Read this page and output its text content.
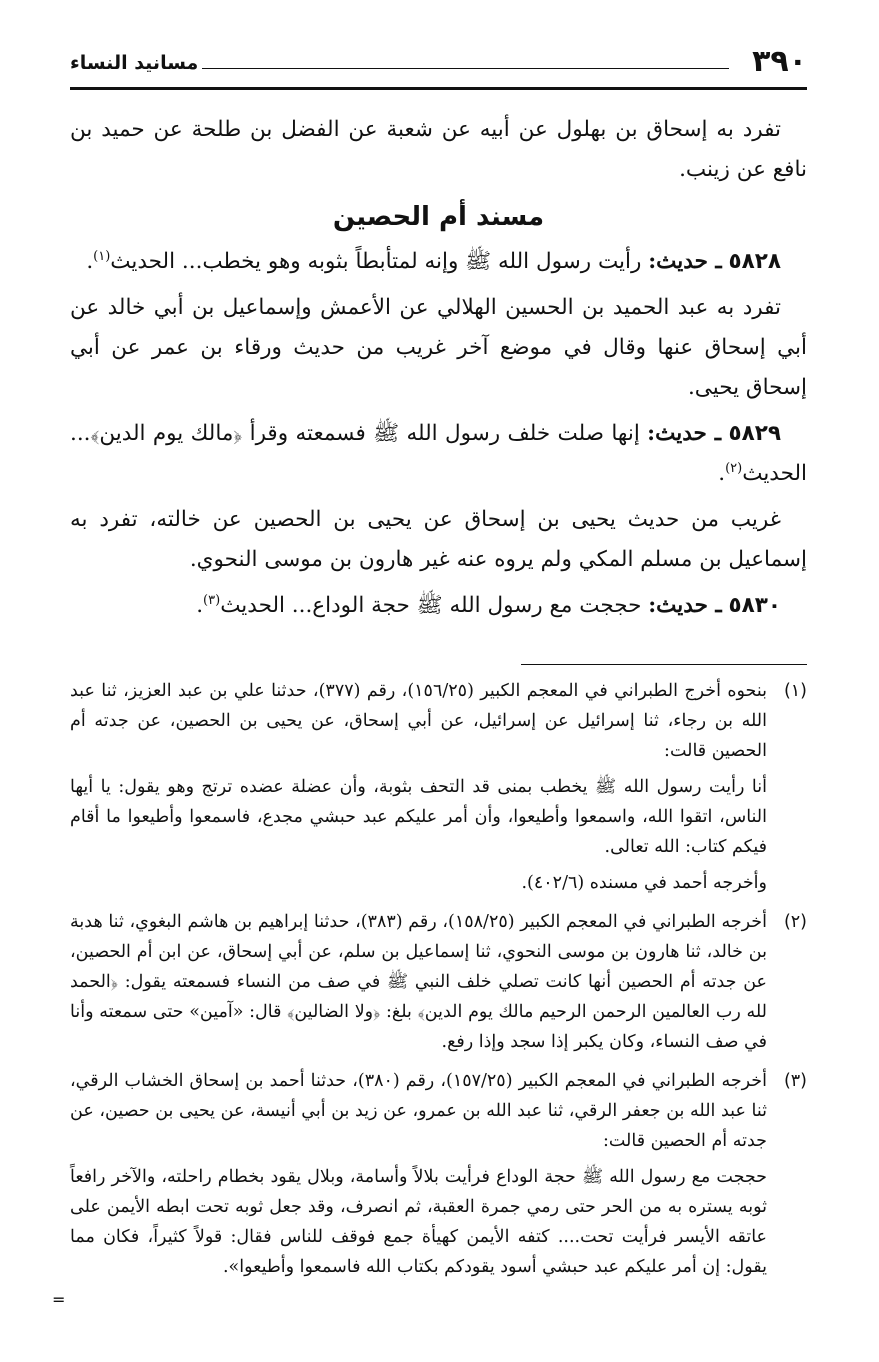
٣٩٠
مسانيد النساء

تفرد به إسحاق بن بهلول عن أبيه عن شعبة عن الفضل بن طلحة عن حميد بن نافع عن زينب.

مسند أم الحصين

٥٨٢٨ ـ حديث: رأيت رسول الله ﷺ وإنه لمتأبطاً بثوبه وهو يخطب... الحديث$^{(١)}$.

تفرد به عبد الحميد بن الحسين الهلالي عن الأعمش وإسماعيل بن أبي خالد عن أبي إسحاق عنها وقال في موضع آخر غريب من حديث ورقاء بن عمر عن أبي إسحاق يحيى.

٥٨٢٩ ـ حديث: إنها صلت خلف رسول الله ﷺ فسمعته وقرأ ﴿مالك يوم الدين﴾... الحديث$^{(٢)}$.

غريب من حديث يحيى بن إسحاق عن يحيى بن الحصين عن خالته، تفرد به إسماعيل بن مسلم المكي ولم يروه عنه غير هارون بن موسى النحوي.

٥٨٣٠ ـ حديث: حججت مع رسول الله ﷺ حجة الوداع... الحديث$^{(٣)}$.

(١)

بنحوه أخرج الطبراني في المعجم الكبير (١٥٦/٢٥)، رقم (٣٧٧)، حدثنا علي بن عبد العزيز، ثنا عبد الله بن رجاء، ثنا إسرائيل عن إسرائيل، عن أبي إسحاق، عن يحيى بن الحصين، عن جدته أم الحصين قالت:

أنا رأيت رسول الله ﷺ يخطب بمنى قد التحف بثوبة، وأن عضلة عضده ترتج وهو يقول: يا أيها الناس، اتقوا الله، واسمعوا وأطيعوا، وأن أمر عليكم عبد حبشي مجدع، فاسمعوا وأطيعوا ما أقام فيكم كتاب: الله تعالى.

وأخرجه أحمد في مسنده (٤٠٢/٦).

(٢)

أخرجه الطبراني في المعجم الكبير (١٥٨/٢٥)، رقم (٣٨٣)، حدثنا إبراهيم بن هاشم البغوي، ثنا هدبة بن خالد، ثنا هارون بن موسى النحوي، ثنا إسماعيل بن سلم، عن أبي إسحاق، عن ابن أم الحصين، عن جدته أم الحصين أنها كانت تصلي خلف النبي ﷺ في صف من النساء فسمعته يقول: ﴿الحمد لله رب العالمين الرحمن الرحيم مالك يوم الدين﴾ بلغ: ﴿ولا الضالين﴾ قال: «آمين» حتى سمعته وأنا في صف النساء، وكان يكبر إذا سجد وإذا رفع.

(٣)

أخرجه الطبراني في المعجم الكبير (١٥٧/٢٥)، رقم (٣٨٠)، حدثنا أحمد بن إسحاق الخشاب الرقي، ثنا عبد الله بن جعفر الرقي، ثنا عبد الله بن عمرو، عن زيد بن أبي أنيسة، عن يحيى بن حصين، عن جدته أم الحصين قالت:

حججت مع رسول الله ﷺ حجة الوداع فرأيت بلالاً وأسامة، وبلال يقود بخطام راحلته، والآخر رافعاً ثوبه يستره به من الحر حتى رمي جمرة العقبة، ثم انصرف، وقد جعل ثوبه تحت ابطه الأيمن على عاتقه الأيسر فرأيت تحت.... كتفه الأيمن كهيأة جمع فوقف للناس فقال: قولاً كثيراً، فكان مما يقول: إن أمر عليكم عبد حبشي أسود يقودكم بكتاب الله فاسمعوا وأطيعوا».

=
